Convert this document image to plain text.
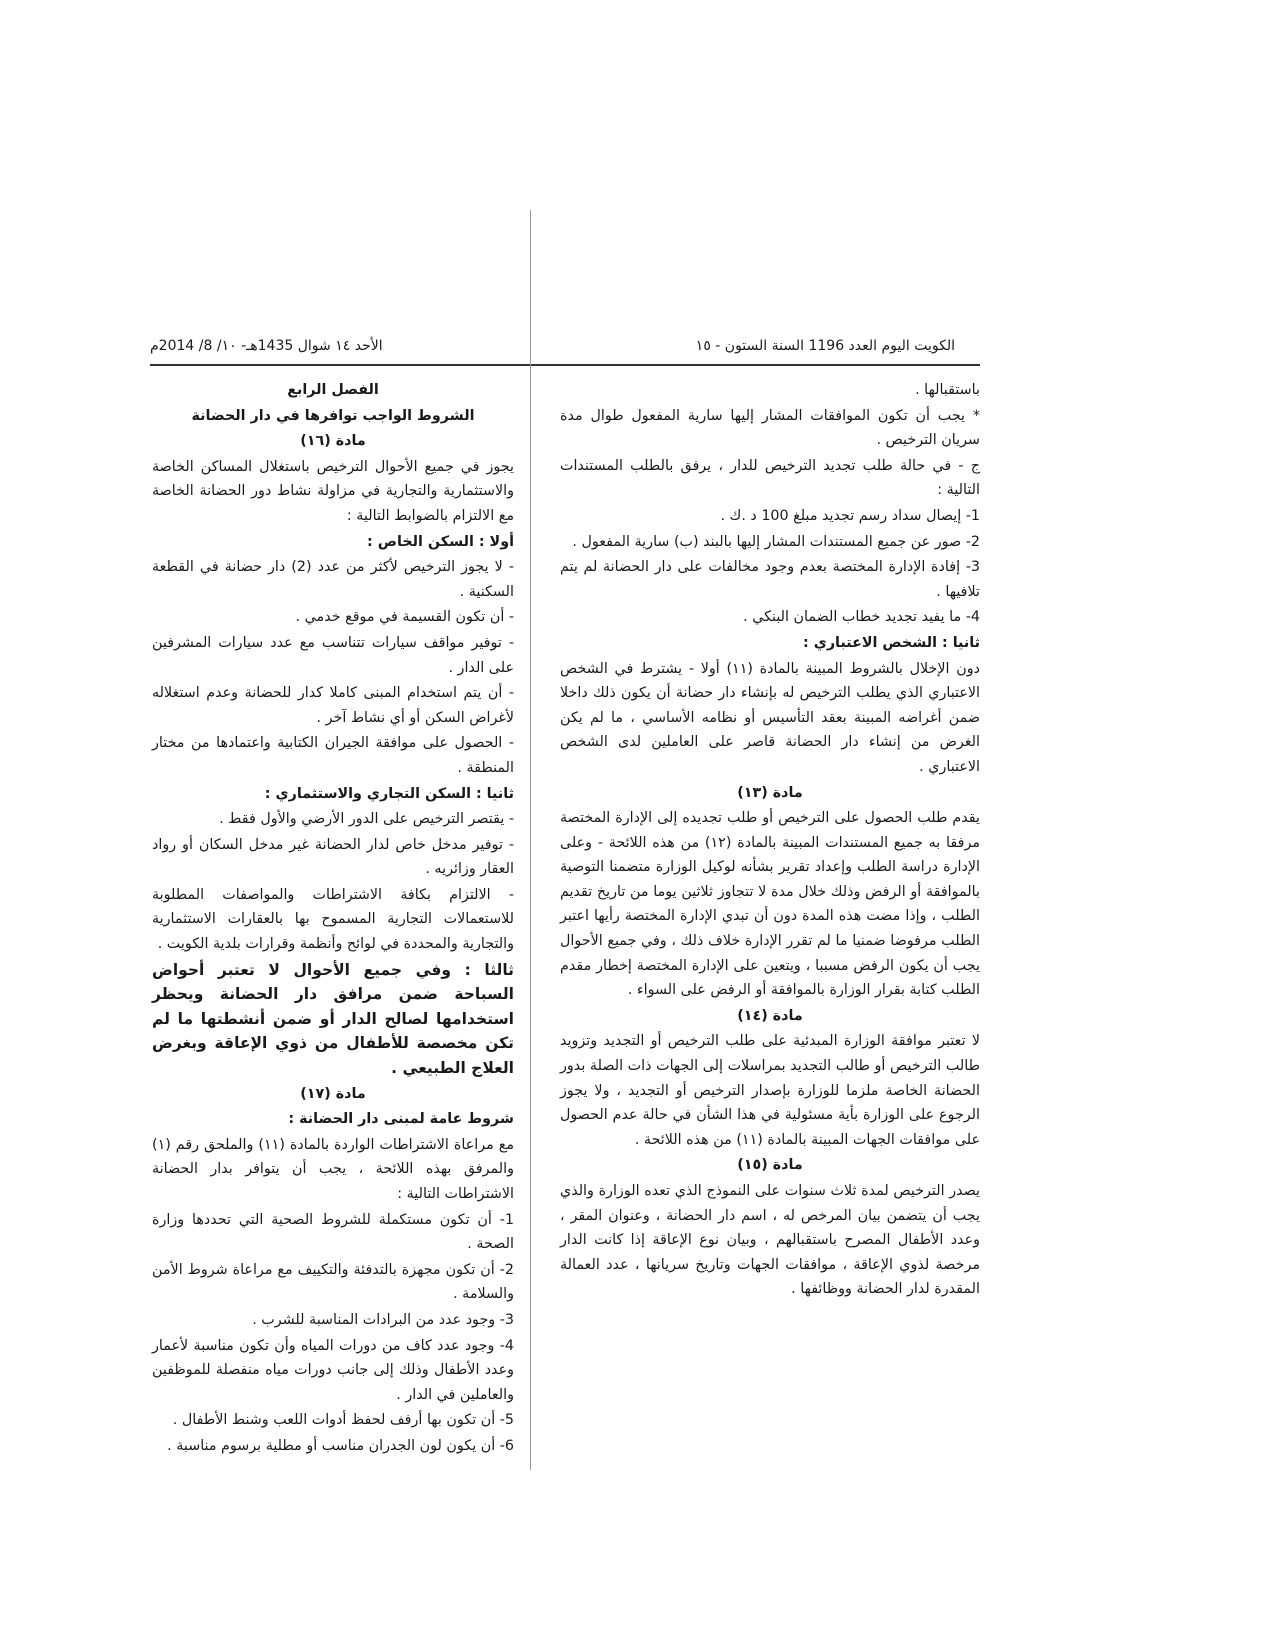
الكويت اليوم العدد 1196 السنة الستون - ١٥
الأحد ١٤ شوال 1435هـ- ١٠/ 8/ 2014م

باستقبالها .

* يجب أن تكون الموافقات المشار إليها سارية المفعول طوال مدة سريان الترخيص .

ج - في حالة طلب تجديد الترخيص للدار ، يرفق بالطلب المستندات التالية :

1- إيصال سداد رسم تجديد مبلغ 100 د .ك .

2- صور عن جميع المستندات المشار إليها بالبند (ب) سارية المفعول .

3- إفادة الإدارة المختصة بعدم وجود مخالفات على دار الحضانة لم يتم تلافيها .

4- ما يفيد تجديد خطاب الضمان البنكي .

ثانيا : الشخص الاعتباري :

دون الإخلال بالشروط المبينة بالمادة (١١) أولا - يشترط في الشخص الاعتباري الذي يطلب الترخيص له بإنشاء دار حضانة أن يكون ذلك داخلا ضمن أغراضه المبينة بعقد التأسيس أو نظامه الأساسي ، ما لم يكن الغرض من إنشاء دار الحضانة قاصر على العاملين لدى الشخص الاعتباري .

مادة (١٣)

يقدم طلب الحصول على الترخيص أو طلب تجديده إلى الإدارة المختصة مرفقا به جميع المستندات المبينة بالمادة (١٢) من هذه اللائحة - وعلى الإدارة دراسة الطلب وإعداد تقرير بشأنه لوكيل الوزارة متضمنا التوصية بالموافقة أو الرفض وذلك خلال مدة لا تتجاوز ثلاثين يوما من تاريخ تقديم الطلب ، وإذا مضت هذه المدة دون أن تبدي الإدارة المختصة رأيها اعتبر الطلب مرفوضا ضمنيا ما لم تقرر الإدارة خلاف ذلك ، وفي جميع الأحوال يجب أن يكون الرفض مسببا ، ويتعين على الإدارة المختصة إخطار مقدم الطلب كتابة بقرار الوزارة بالموافقة أو الرفض على السواء .

مادة (١٤)

لا تعتبر موافقة الوزارة المبدئية على طلب الترخيص أو التجديد وتزويد طالب الترخيص أو طالب التجديد بمراسلات إلى الجهات ذات الصلة بدور الحضانة الخاصة ملزما للوزارة بإصدار الترخيص أو التجديد ، ولا يجوز الرجوع على الوزارة بأية مسئولية في هذا الشأن في حالة عدم الحصول على موافقات الجهات المبينة بالمادة (١١) من هذه اللائحة .

مادة (١٥)

يصدر الترخيص لمدة ثلاث سنوات على النموذج الذي تعده الوزارة والذي يجب أن يتضمن بيان المرخص له ، اسم دار الحضانة ، وعنوان المقر ، وعدد الأطفال المصرح باستقبالهم ، وبيان نوع الإعاقة إذا كانت الدار مرخصة لذوي الإعاقة ، موافقات الجهات وتاريخ سريانها ، عدد العمالة المقدرة لدار الحضانة ووظائفها .

الفصل الرابع

الشروط الواجب توافرها في دار الحضانة

مادة (١٦)

يجوز في جميع الأحوال الترخيص باستغلال المساكن الخاصة والاستثمارية والتجارية في مزاولة نشاط دور الحضانة الخاصة مع الالتزام بالضوابط التالية :

أولا : السكن الخاص :

- لا يجوز الترخيص لأكثر من عدد (2) دار حضانة في القطعة السكنية .

- أن تكون القسيمة في موقع خدمي .

- توفير مواقف سيارات تتناسب مع عدد سيارات المشرفين على الدار .

- أن يتم استخدام المبنى كاملا كدار للحضانة وعدم استغلاله لأغراض السكن أو أي نشاط آخر .

- الحصول على موافقة الجيران الكتابية واعتمادها من مختار المنطقة .

ثانيا : السكن التجاري والاستثماري :

- يقتصر الترخيص على الدور الأرضي والأول فقط .

- توفير مدخل خاص لدار الحضانة غير مدخل السكان أو رواد العقار وزائريه .

- الالتزام بكافة الاشتراطات والمواصفات المطلوبة للاستعمالات التجارية المسموح بها بالعقارات الاستثمارية والتجارية والمحددة في لوائح وأنظمة وقرارات بلدية الكويت .

ثالثا : وفي جميع الأحوال لا تعتبر أحواض السباحة ضمن مرافق دار الحضانة ويحظر استخدامها لصالح الدار أو ضمن أنشطتها ما لم تكن مخصصة للأطفال من ذوي الإعاقة وبغرض العلاج الطبيعي .

مادة (١٧)

شروط عامة لمبنى دار الحضانة :

مع مراعاة الاشتراطات الواردة بالمادة (١١) والملحق رقم (١) والمرفق بهذه اللائحة ، يجب أن يتوافر بدار الحضانة الاشتراطات التالية :

1- أن تكون مستكملة للشروط الصحية التي تحددها وزارة الصحة .

2- أن تكون مجهزة بالتدفئة والتكييف مع مراعاة شروط الأمن والسلامة .

3- وجود عدد من البرادات المناسبة للشرب .

4- وجود عدد كاف من دورات المياه وأن تكون مناسبة لأعمار وعدد الأطفال وذلك إلى جانب دورات مياه منفصلة للموظفين والعاملين في الدار .

5- أن تكون بها أرفف لحفظ أدوات اللعب وشنط الأطفال .

6- أن يكون لون الجدران مناسب أو مطلية برسوم مناسبة .
